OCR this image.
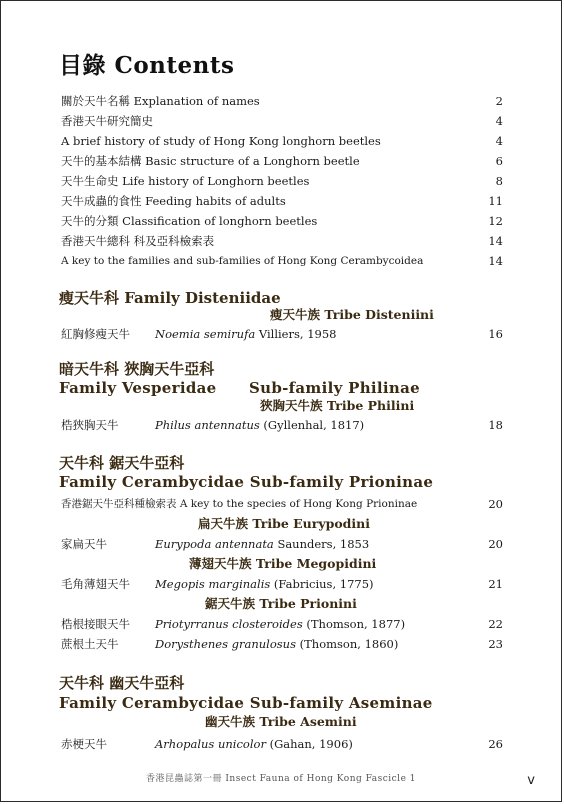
目錄 Contents
關於天牛名稱 Explanation of names	2
香港天牛研究簡史	4
A brief history of study of Hong Kong longhorn beetles	4
天牛的基本結構 Basic structure of a Longhorn beetle	6
天牛生命史 Life history of Longhorn beetles	8
天牛成蟲的食性 Feeding habits of adults	11
天牛的分類 Classification of longhorn beetles	12
香港天牛總科 科及亞科檢索表	14
A key to the families and sub-families of Hong Kong Cerambycoidea	14
瘦天牛科 Family Disteniidae
瘦天牛族 Tribe Disteniini
紅胸修瘦天牛 Noemia semirufa Villiers, 1958	16
暗天牛科 狹胸天牛亞科
Family Vesperidae Sub-family Philinae
狹胸天牛族 Tribe Philini
梏狹胸天牛	Philus antennatus (Gyllenhal, 1817)	18
天牛科 鋸天牛亞科
Family Cerambycidae Sub-family Prioninae
香港鋸天牛亞科種檢索表 A key to the species of Hong Kong Prioninae	20
扁天牛族 Tribe Eurypodini
家扁天牛	Eurypoda antennata Saunders, 1853	20
薄翅天牛族 Tribe Megopidini
毛角薄翅天牛 Megopis marginalis (Fabricius, 1775)	21
鋸天牛族 Tribe Prionini
梏根接眼天牛 Priotyrranus closteroides (Thomson, 1877)	22
蔗根土天牛	Dorysthenes granulosus (Thomson, 1860)	23
天牛科 幽天牛亞科
Family Cerambycidae Sub-family Aseminae
幽天牛族 Tribe Asemini
赤梗天牛	Arhopalus unicolor (Gahan, 1906)	26
香港昆蟲誌第一冊 Insect Fauna of Hong Kong Fascicle 1	v
